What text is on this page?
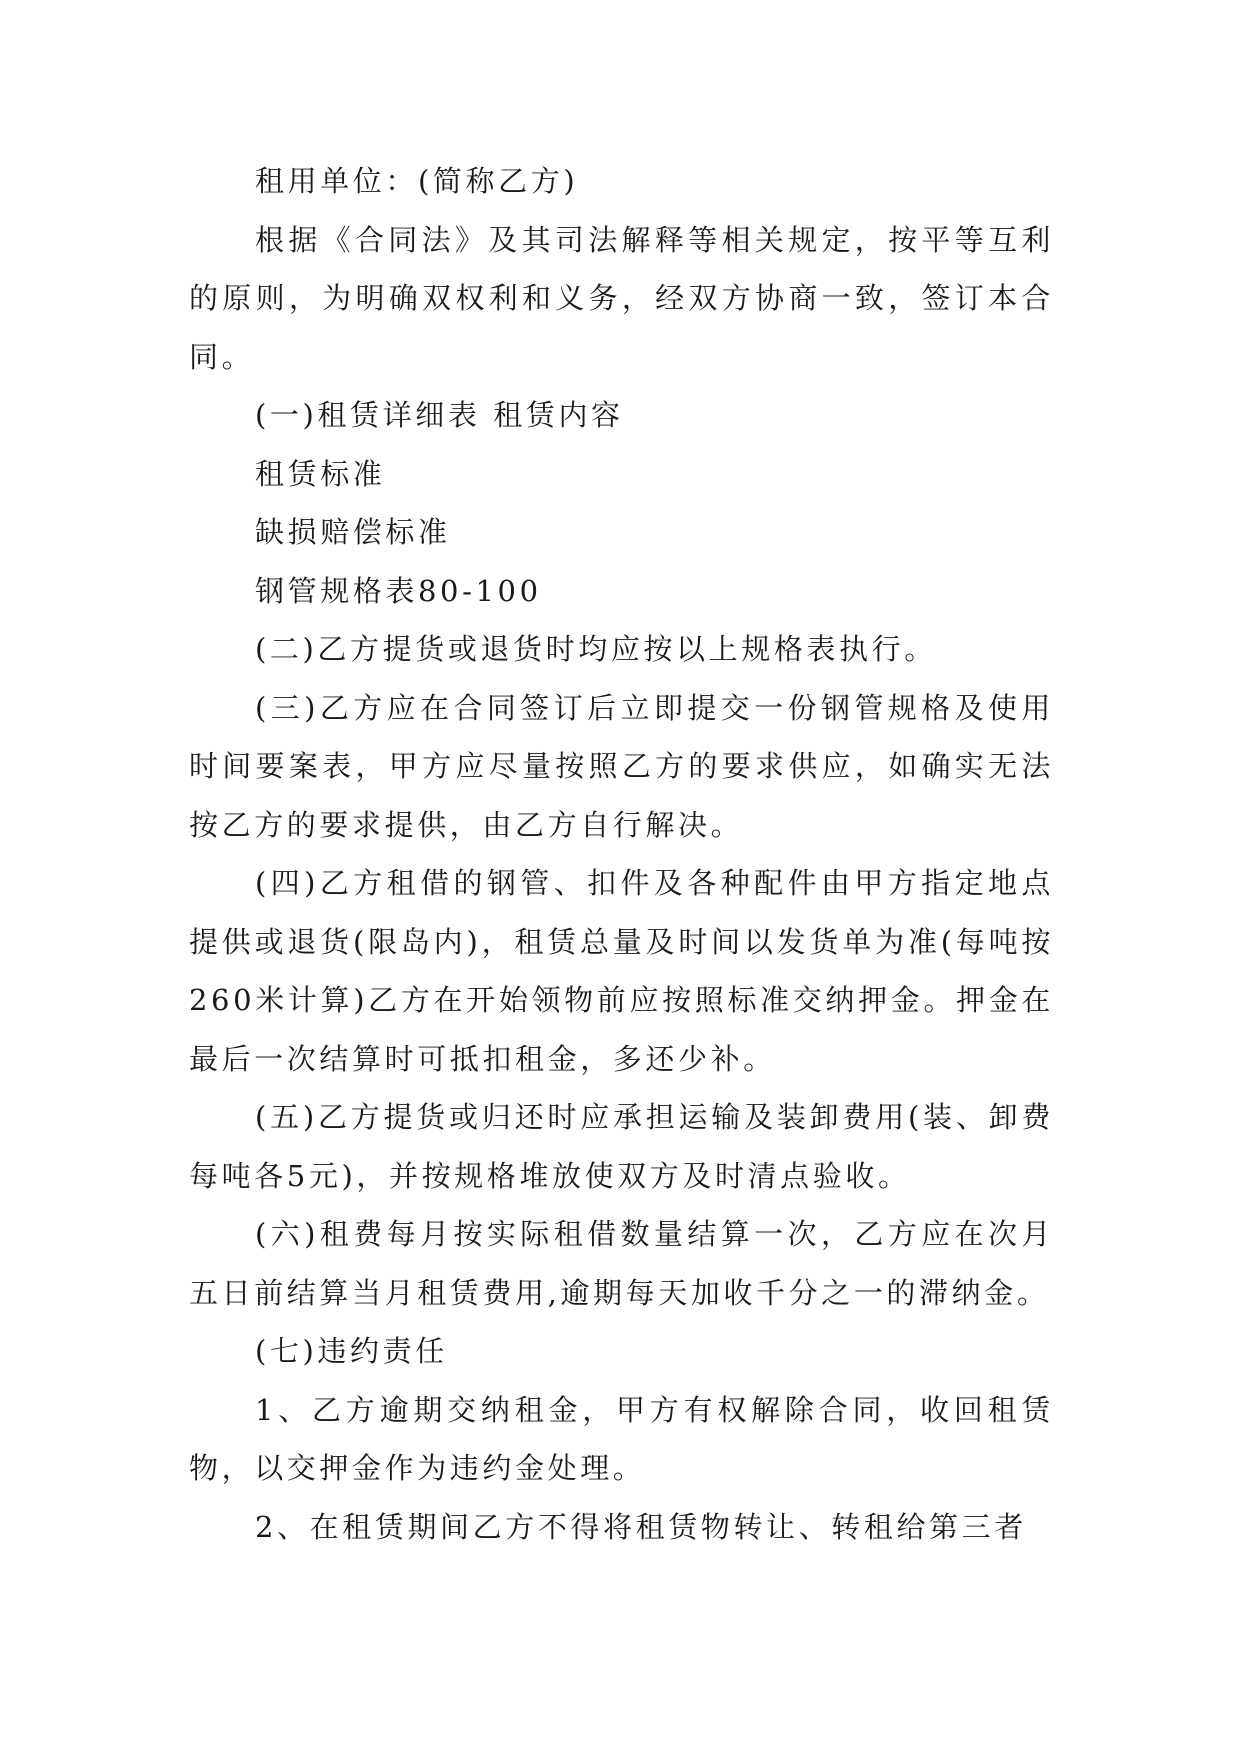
租用单位：(简称乙方)

根据《合同法》及其司法解释等相关规定，按平等互利的原则，为明确双权利和义务，经双方协商一致，签订本合同。

(一)租赁详细表 租赁内容

租赁标准

缺损赔偿标准

钢管规格表80-100

(二)乙方提货或退货时均应按以上规格表执行。

(三)乙方应在合同签订后立即提交一份钢管规格及使用时间要案表，甲方应尽量按照乙方的要求供应，如确实无法按乙方的要求提供，由乙方自行解决。

(四)乙方租借的钢管、扣件及各种配件由甲方指定地点提供或退货(限岛内)，租赁总量及时间以发货单为准(每吨按260米计算)乙方在开始领物前应按照标准交纳押金。押金在最后一次结算时可抵扣租金，多还少补。

(五)乙方提货或归还时应承担运输及装卸费用(装、卸费每吨各5元)，并按规格堆放使双方及时清点验收。

(六)租费每月按实际租借数量结算一次，乙方应在次月五日前结算当月租赁费用,逾期每天加收千分之一的滞纳金。

(七)违约责任

1、乙方逾期交纳租金，甲方有权解除合同，收回租赁物，以交押金作为违约金处理。

2、在租赁期间乙方不得将租赁物转让、转租给第三者
